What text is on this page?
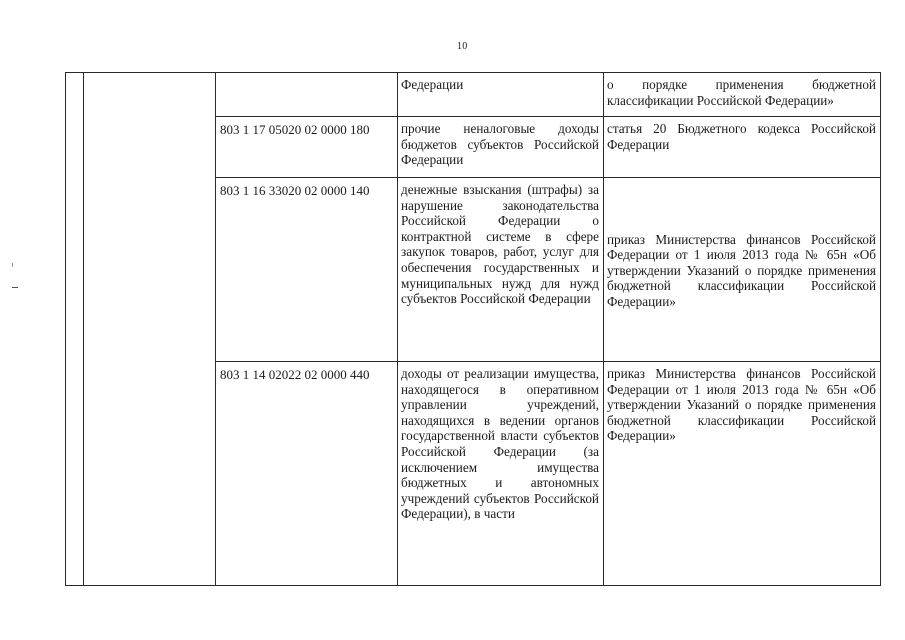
10

			Федерации	о порядке применения бюджетной классификации Российской Федерации»

		803 1 17 05020 02 0000 180	прочие неналоговые доходы бюджетов субъектов Российской Федерации	статья 20 Бюджетного кодекса Российской Федерации

		803 1 16 33020 02 0000 140	денежные взыскания (штрафы) за нарушение законодательства Российской Федерации о контрактной системе в сфере закупок товаров, работ, услуг для обеспечения государственных и муниципальных нужд для нужд субъектов Российской Федерации	приказ Министерства финансов Российской Федерации от 1 июля 2013 года № 65н «Об утверждении Указаний о порядке применения бюджетной классификации Российской Федерации»

		803 1 14 02022 02 0000 440	доходы от реализации имущества, находящегося в оперативном управлении учреждений, находящихся в ведении органов государственной власти субъектов Российской Федерации (за исключением имущества бюджетных и автономных учреждений субъектов Российской Федерации), в части	приказ Министерства финансов Российской Федерации от 1 июля 2013 года № 65н «Об утверждении Указаний о порядке применения бюджетной классификации Российской Федерации»
